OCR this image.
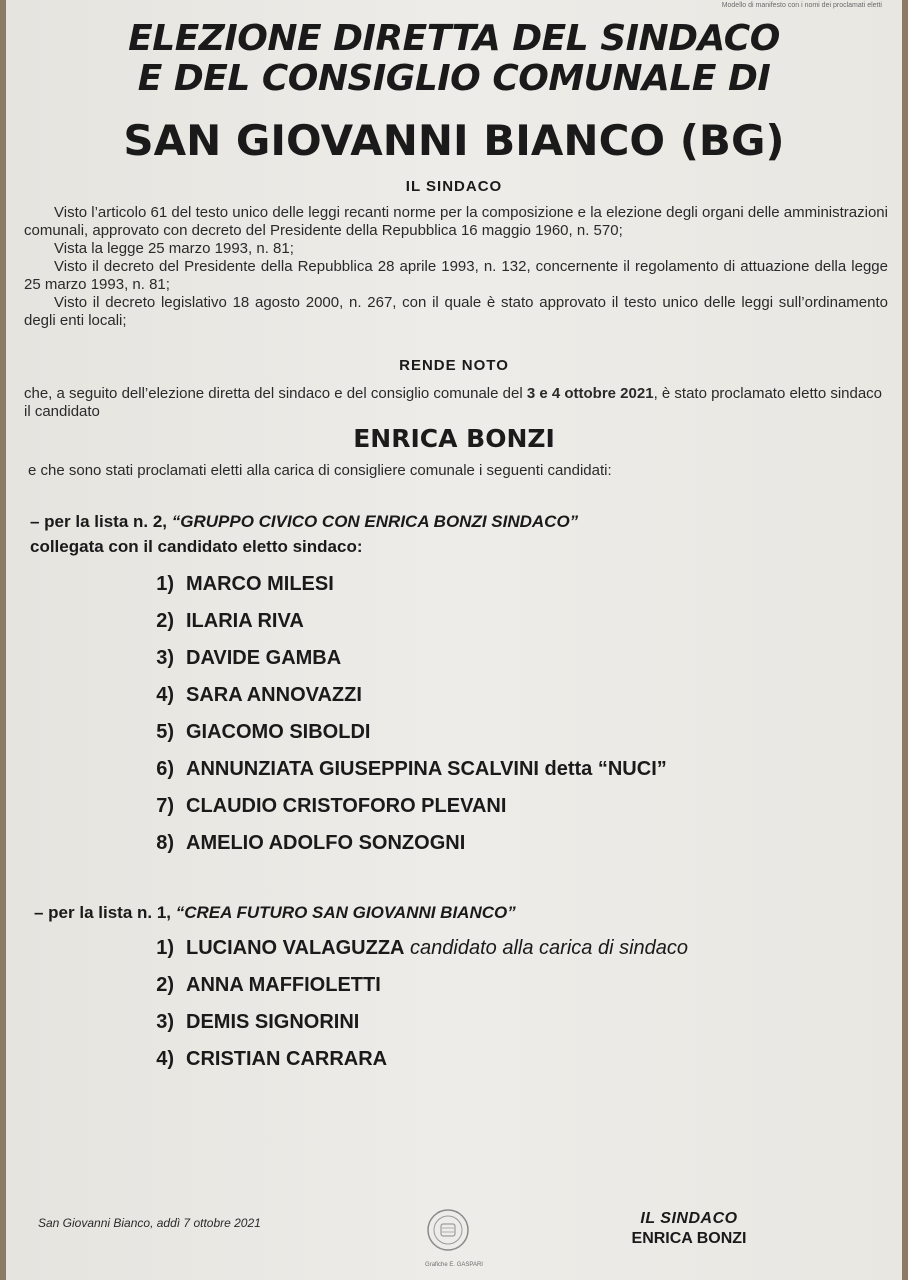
Modello di manifesto con i nomi dei proclamati eletti
ELEZIONE DIRETTA DEL SINDACO
E DEL CONSIGLIO COMUNALE DI
SAN GIOVANNI BIANCO (BG)
IL SINDACO

Visto l’articolo 61 del testo unico delle leggi recanti norme per la composizione e la elezione degli organi delle amministrazioni comunali, approvato con decreto del Presidente della Repubblica 16 maggio 1960, n. 570;

Vista la legge 25 marzo 1993, n. 81;

Visto il decreto del Presidente della Repubblica 28 aprile 1993, n. 132, concernente il regolamento di attuazione della legge 25 marzo 1993, n. 81;

Visto il decreto legislativo 18 agosto 2000, n. 267, con il quale è stato approvato il testo unico delle leggi sull’ordinamento degli enti locali;

RENDE NOTO
che, a seguito dell’elezione diretta del sindaco e del consiglio comunale del 3 e 4 ottobre 2021, è stato proclamato eletto sindaco il candidato
ENRICA BONZI
e che sono stati proclamati eletti alla carica di consigliere comunale i seguenti candidati:
– per la lista n. 2, “GRUPPO CIVICO CON ENRICA BONZI SINDACO”
collegata con il candidato eletto sindaco:
1) MARCO MILESI
2) ILARIA RIVA
3) DAVIDE GAMBA
4) SARA ANNOVAZZI
5) GIACOMO SIBOLDI
6) ANNUNZIATA GIUSEPPINA SCALVINI detta “NUCI”
7) CLAUDIO CRISTOFORO PLEVANI
8) AMELIO ADOLFO SONZOGNI
– per la lista n. 1, “CREA FUTURO SAN GIOVANNI BIANCO”
1) LUCIANO VALAGUZZA candidato alla carica di sindaco
2) ANNA MAFFIOLETTI
3) DEMIS SIGNORINI
4) CRISTIAN CARRARA
San Giovanni Bianco, addì 7 ottobre 2021	IL SINDACO
ENRICA BONZI
Grafiche E. GASPARI
